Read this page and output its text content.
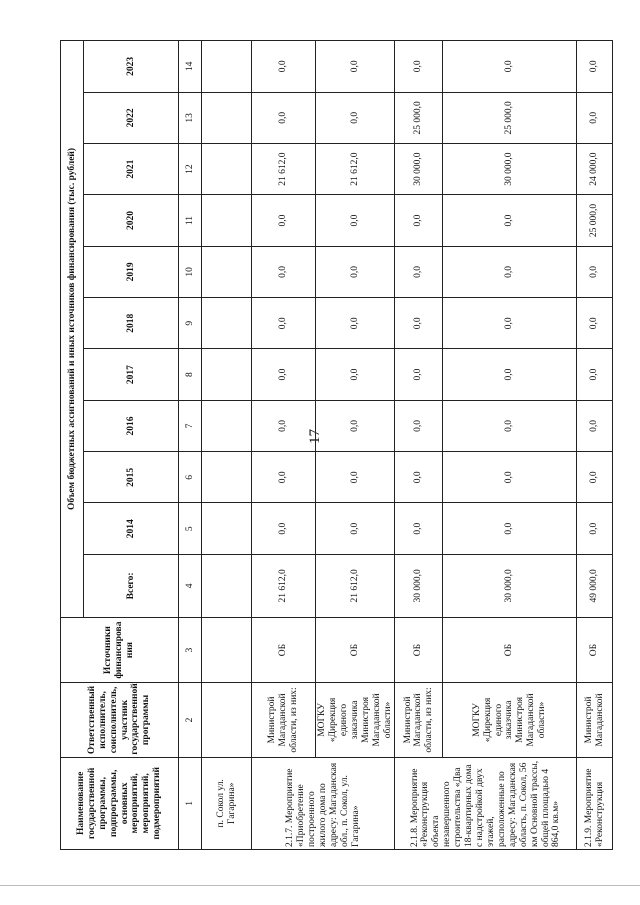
17
Наименование государственной программы, подпрограммы, основных мероприятий, мероприятий, подмероприятий	Ответственный исполнитель, соисполнитель, участник государственной программы	Источники финансирова ния	Объем бюджетных ассигнований и иных источников финансирования (тыс. рублей)										
			Всего:	2014	2015	2016	2017	2018	2019	2020	2021	2022	2023
1	2	3	4	5	6	7	8	9	10	11	12	13	14
п. Сокол ул. Гагарина»													
2.1.7. Мероприятие «Приобретение построенного жилого дома по адресу: Магаданская обл., п. Сокол, ул. Гагарина»	Министрой Магаданской области, из них:	ОБ	21 612,0	0,0	0,0	0,0	0,0	0,0	0,0	0,0	21 612,0	0,0	0,0
	МОГКУ «Дирекция единого заказчика Министроя Магаданской области»	ОБ	21 612,0	0,0	0,0	0,0	0,0	0,0	0,0	0,0	21 612,0	0,0	0,0
2.1.8. Мероприятие «Реконструкция объекта незавершенного строительства «Два 18-квартирных дома с надстройкой двух этажей, расположенные по адресу: Магаданская область, п. Сокол, 56 км Основной трассы, общей площадью 4 864,0 кв.м»	Министрой Магаданской области, из них:	ОБ	30 000,0	0,0	0,0	0,0	0,0	0,0	0,0	0,0	30 000,0	25 000,0	0,0
	МОГКУ «Дирекция единого заказчика Министроя Магаданской области»	ОБ	30 000,0	0,0	0,0	0,0	0,0	0,0	0,0	0,0	30 000,0	25 000,0	0,0
2.1.9. Мероприятие «Реконструкция	Министрой Магаданской	ОБ	49 000,0	0,0	0,0	0,0	0,0	0,0	0,0	25 000,0	24 000,0	0,0	0,0
